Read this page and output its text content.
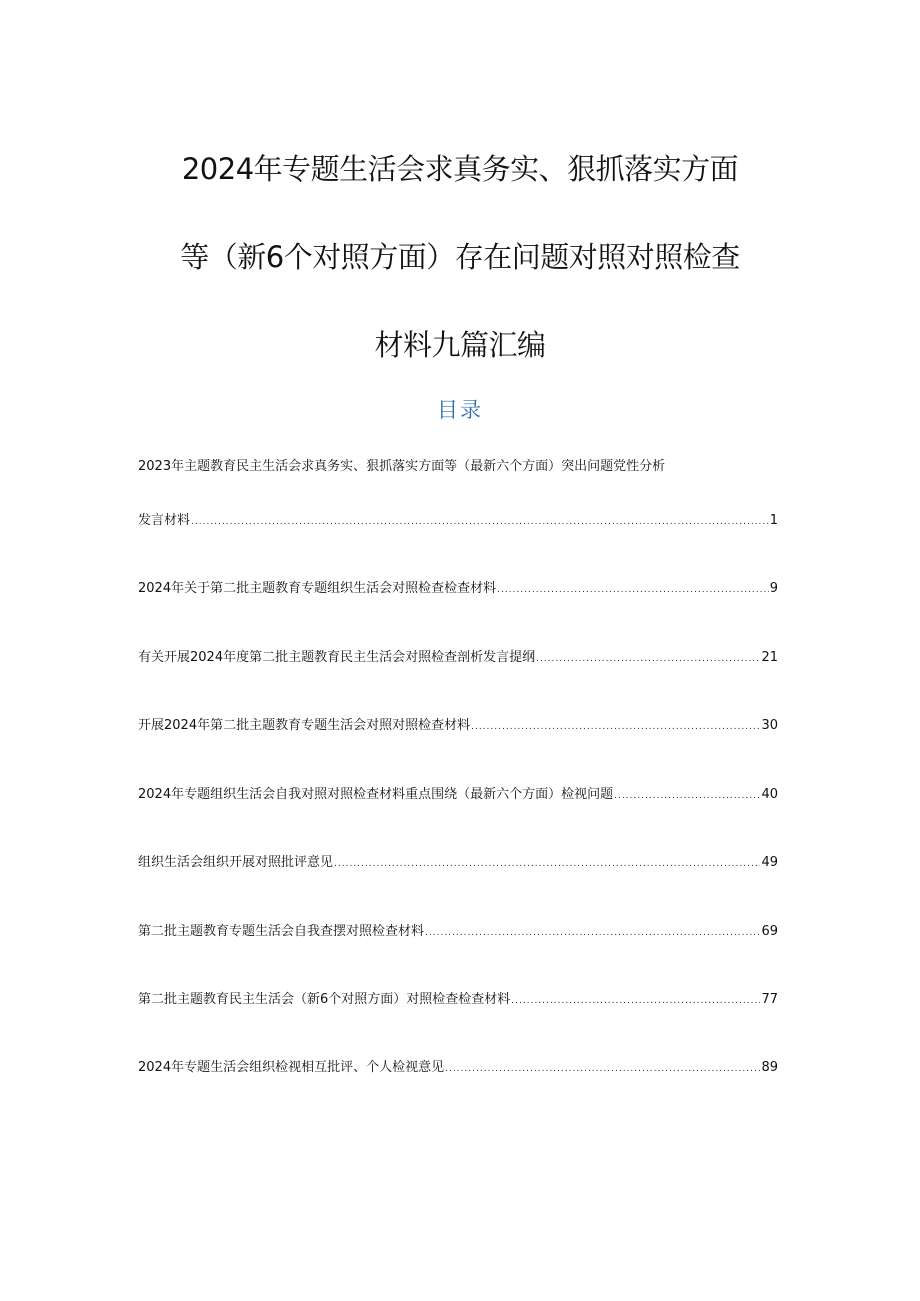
2024年专题生活会求真务实、狠抓落实方面
等（新6个对照方面）存在问题对照对照检查
材料九篇汇编
目录
2023年主题教育民主生活会求真务实、狠抓落实方面等（最新六个方面）突出问题党性分析
发言材料 .....	1
2024年关于第二批主题教育专题组织生活会对照检查检查材料 .....	9
有关开展2024年度第二批主题教育民主生活会对照检查剖析发言提纲 .....	21
开展2024年第二批主题教育专题生活会对照对照检查材料 .....	30
2024年专题组织生活会自我对照对照检查材料重点围绕（最新六个方面）检视问题 .....	40
组织生活会组织开展对照批评意见 .....	49
第二批主题教育专题生活会自我查摆对照检查材料 .....	69
第二批主题教育民主生活会（新6个对照方面）对照检查检查材料 .....	77
2024年专题生活会组织检视相互批评、个人检视意见 .....	89
